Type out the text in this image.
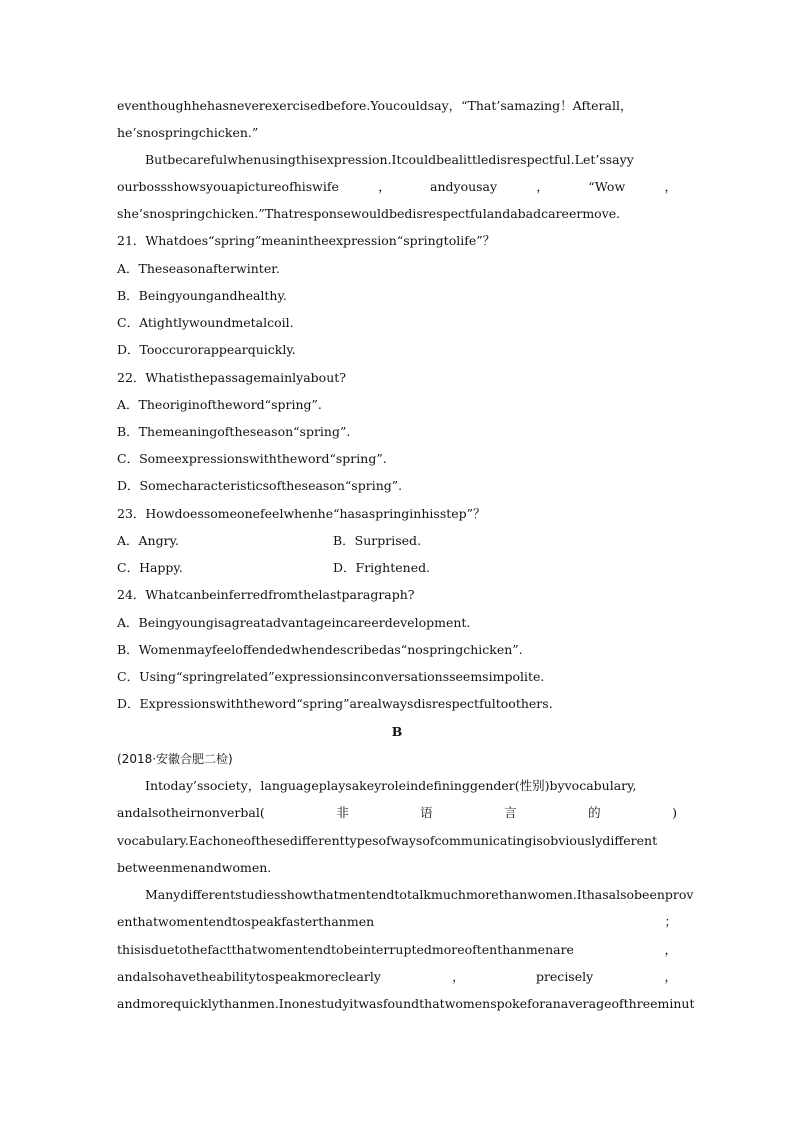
eventhoughhehasneverexercisedbefore.Youcouldsay，“That’samazing！Afterall，
he’snospringchicken.”
Butbecarefulwhenusingthisexpression.Itcouldbealittledisrespectful.Let’ssayy
ourbossshowsyouapictureofhiswife	，	andyousay	，	“Wow	，
she’snospringchicken.”Thatresponsewouldbedisrespectfulandabadcareermove.
21．Whatdoes“spring”meanintheexpression“springtolife”？
A．Theseasonafterwinter.
B．Beingyoungandhealthy.
C．Atightlywoundmetalcoil.
D．Tooccurorappearquickly.
22．Whatisthepassagemainlyabout?
A．Theoriginoftheword“spring”.
B．Themeaningoftheseason“spring”.
C．Someexpressionswiththeword“spring”.
D．Somecharacteristicsoftheseason“spring”.
23．Howdoessomeonefeelwhenhe“hasaspringinhisstep”？
A．Angry.	B．Surprised.
C．Happy.	D．Frightened.
24．Whatcanbeinferredfromthelastparagraph?
A．Beingyoungisagreatadvantageincareerdevelopment.
B．Womenmayfeeloffendedwhendescribedas“nospringchicken”.
C．Using“springrelated”expressionsinconversationsseemsimpolite.
D．Expressionswiththeword“spring”arealwaysdisrespectfultoothers.
B
(2018·安徽合肥二检)
Intoday’ssociety，languageplaysakeyroleindefininggender(性别)byvocabulary,
andalsotheirnonverbal(	非	语	言	的	)
vocabulary.Eachoneofthesedifferenttypesofwaysofcommunicatingisobviouslydifferent
betweenmenandwomen.
Manydifferentstudiesshowthatmentendtotalkmuchmorethanwomen.Ithasalsobeenprov
enthatwomentendtospeakfasterthanmen	；
thisisduetothefactthatwomentendtobeinterruptedmoreoftenthanmenare	，
andalsohavetheabilitytospeakmoreclearly	，	precisely	，
andmorequicklythanmen.Inonestudyitwasfoundthatwomenspokeforanaverageofthreeminut
